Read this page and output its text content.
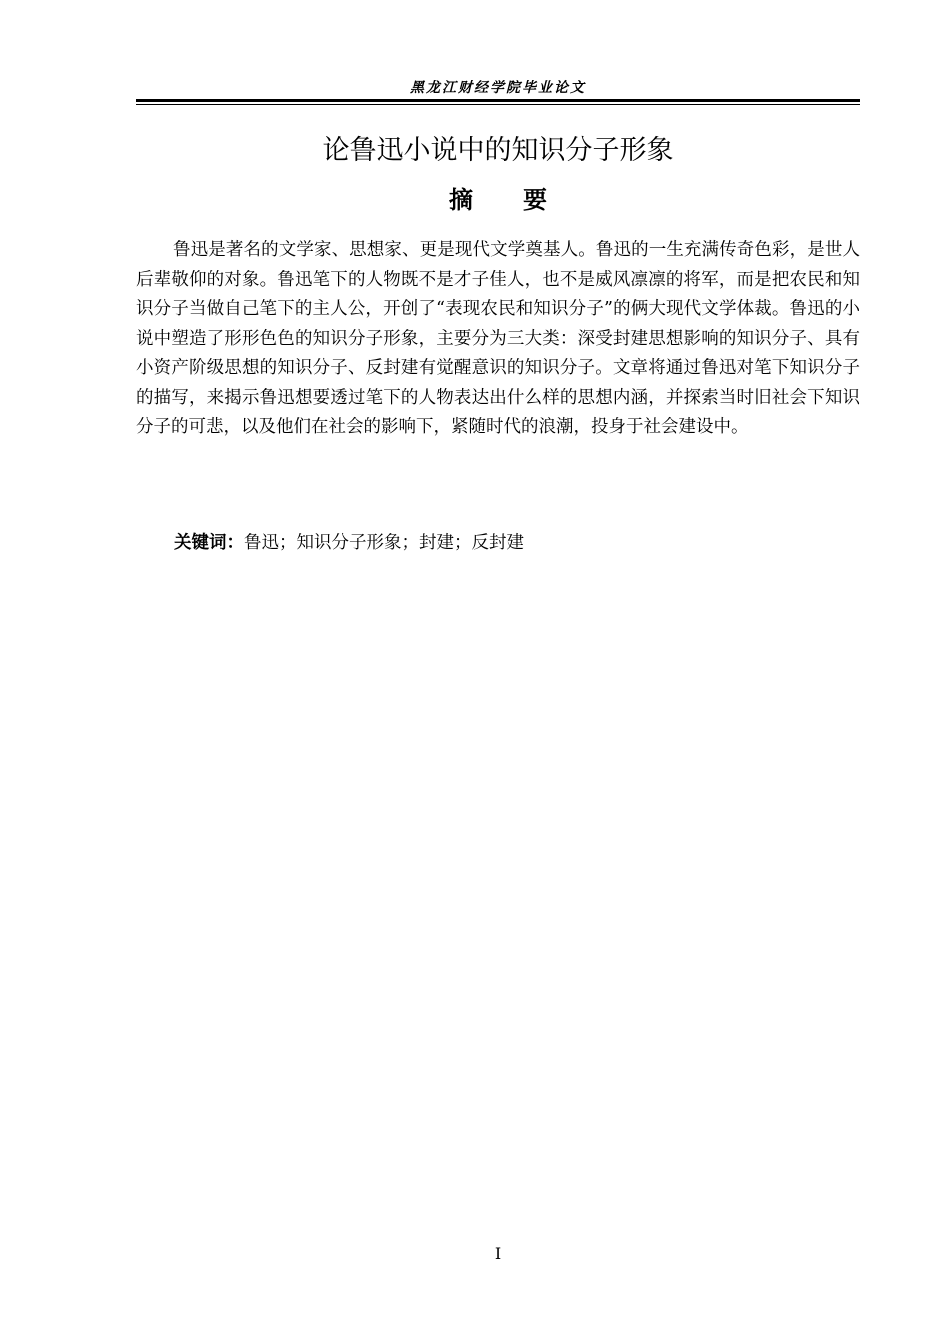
黑龙江财经学院毕业论文
论鲁迅小说中的知识分子形象
摘要

鲁迅是著名的文学家、思想家、更是现代文学奠基人。鲁迅的一生充满传奇色彩，是世人后辈敬仰的对象。鲁迅笔下的人物既不是才子佳人，也不是威风凛凛的将军，而是把农民和知识分子当做自己笔下的主人公，开创了“表现农民和知识分子”的俩大现代文学体裁。鲁迅的小说中塑造了形形色色的知识分子形象，主要分为三大类：深受封建思想影响的知识分子、具有小资产阶级思想的知识分子、反封建有觉醒意识的知识分子。文章将通过鲁迅对笔下知识分子的描写，来揭示鲁迅想要透过笔下的人物表达出什么样的思想内涵，并探索当时旧社会下知识分子的可悲，以及他们在社会的影响下，紧随时代的浪潮，投身于社会建设中。

关键词：鲁迅；知识分子形象；封建；反封建
I
